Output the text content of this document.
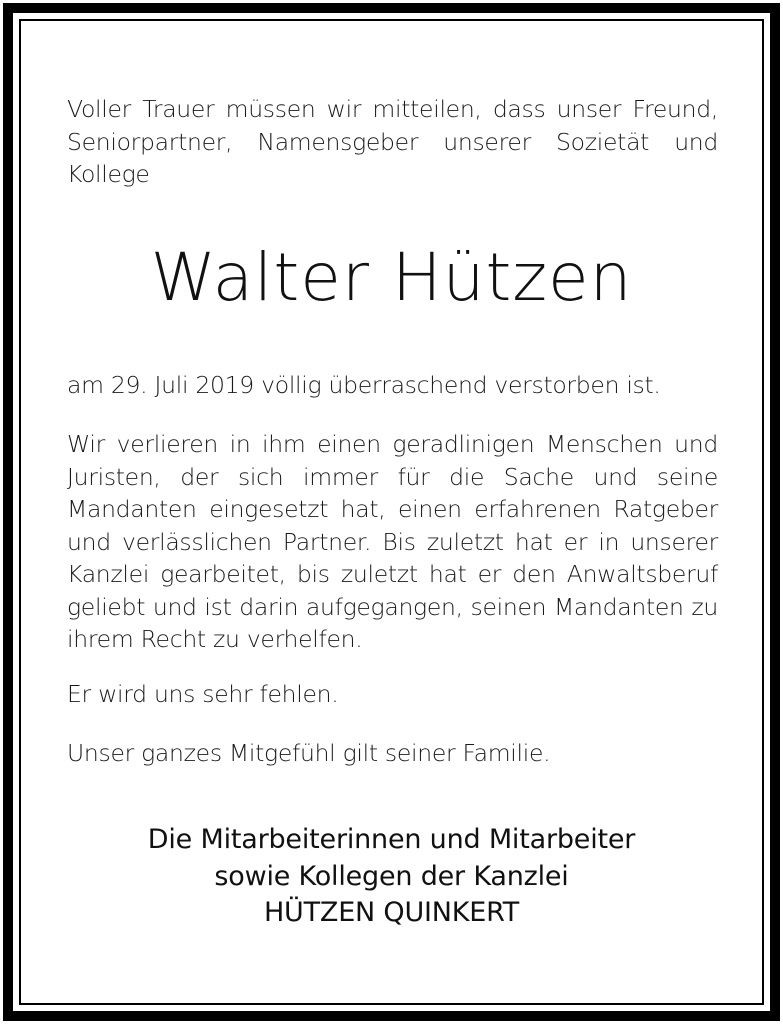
Voller Trauer müssen wir mitteilen, dass unser Freund, Seniorpartner, Namensgeber unserer Sozietät und Kollege

Walter Hützen

am 29. Juli 2019 völlig überraschend verstorben ist.

Wir verlieren in ihm einen geradlinigen Menschen und Juristen, der sich immer für die Sache und seine Mandanten eingesetzt hat, einen erfahrenen Ratgeber und verlässlichen Partner. Bis zuletzt hat er in unserer Kanzlei gearbeitet, bis zuletzt hat er den Anwaltsberuf geliebt und ist darin aufgegangen, seinen Mandanten zu ihrem Recht zu verhelfen.

Er wird uns sehr fehlen.

Unser ganzes Mitgefühl gilt seiner Familie.

Die Mitarbeiterinnen und Mitarbeiter
sowie Kollegen der Kanzlei
HÜTZEN QUINKERT
